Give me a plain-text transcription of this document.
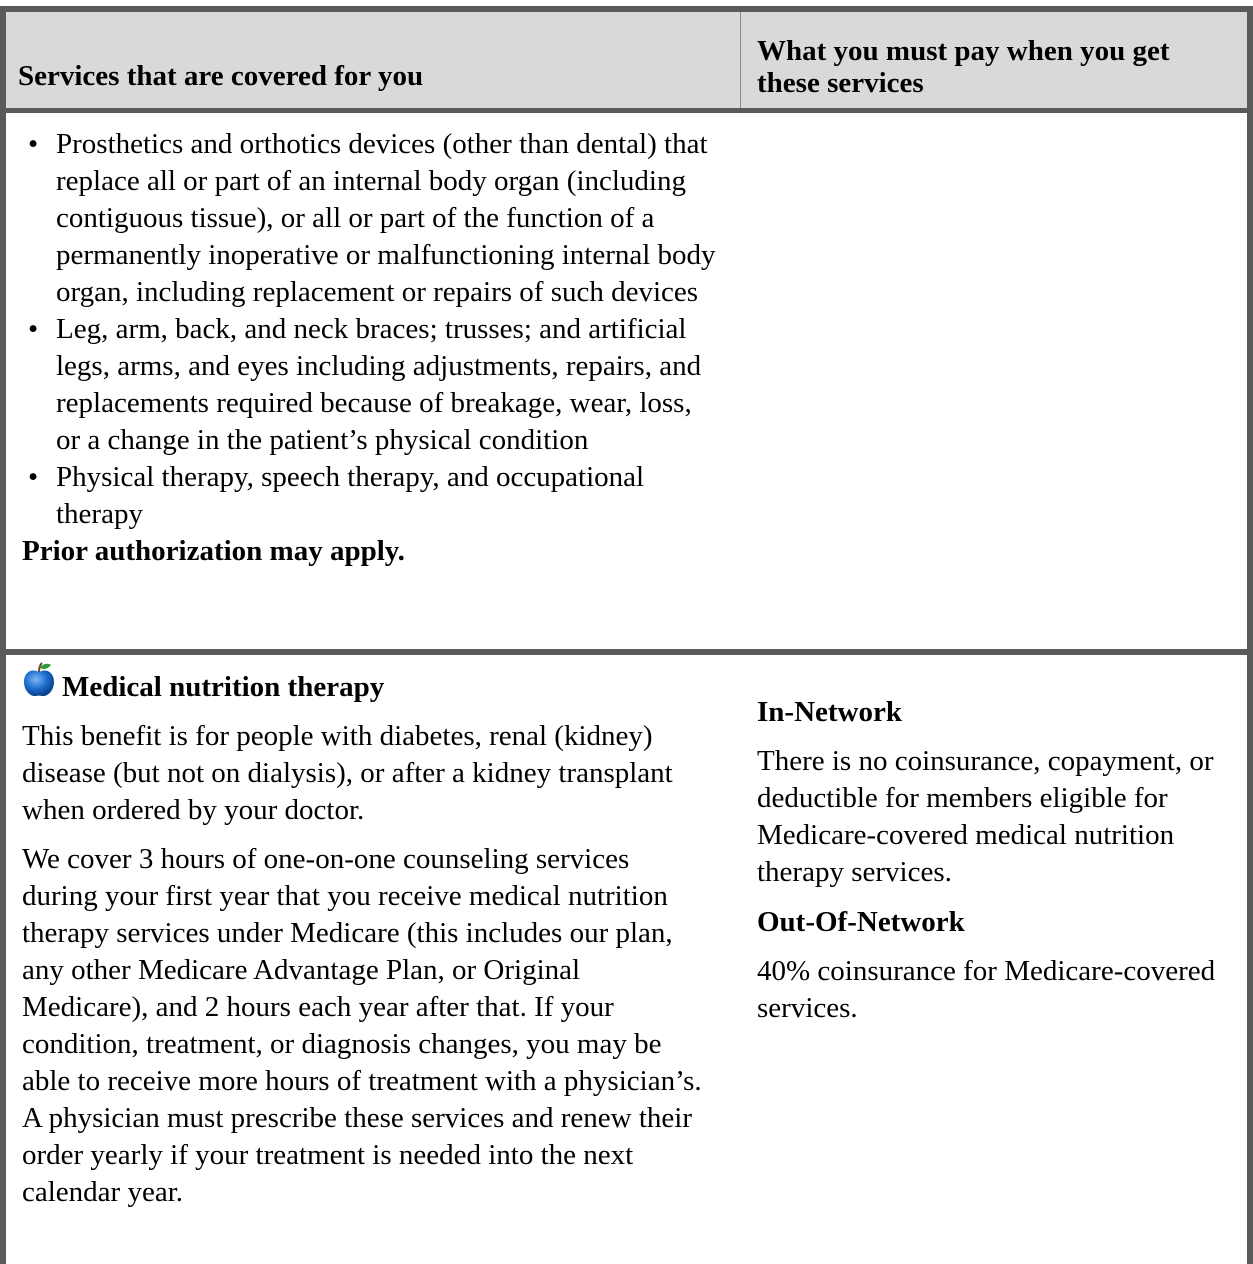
Services that are covered for you
What you must pay when you get these services
• Prosthetics and orthotics devices (other than dental) that replace all or part of an internal body organ (including contiguous tissue), or all or part of the function of a permanently inoperative or malfunctioning internal body organ, including replacement or repairs of such devices
• Leg, arm, back, and neck braces; trusses; and artificial legs, arms, and eyes including adjustments, repairs, and replacements required because of breakage, wear, loss, or a change in the patient’s physical condition
• Physical therapy, speech therapy, and occupational therapy
Prior authorization may apply.
Medical nutrition therapy

This benefit is for people with diabetes, renal (kidney) disease (but not on dialysis), or after a kidney transplant when ordered by your doctor.

We cover 3 hours of one-on-one counseling services during your first year that you receive medical nutrition therapy services under Medicare (this includes our plan, any other Medicare Advantage Plan, or Original Medicare), and 2 hours each year after that. If your condition, treatment, or diagnosis changes, you may be able to receive more hours of treatment with a physician’s. A physician must prescribe these services and renew their order yearly if your treatment is needed into the next calendar year.

In-Network

There is no coinsurance, copayment, or deductible for members eligible for Medicare-covered medical nutrition therapy services.

Out-Of-Network

40% coinsurance for Medicare-covered services.
